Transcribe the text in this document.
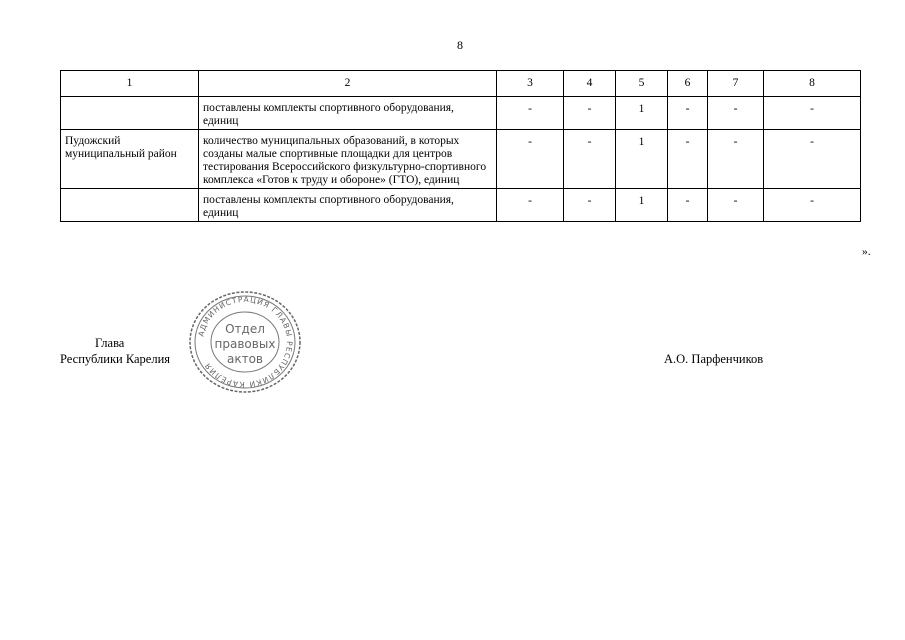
8
1	2	3	4	5	6	7	8
	поставлены комплекты спортивного оборудования, единиц	-	-	1	-	-	-
Пудожский муниципальный район	количество муниципальных образований, в которых созданы малые спортивные площадки для центров тестирования Всероссийского физкультурно-спортивного комплекса «Готов к труду и обороне» (ГТО), единиц	-	-	1	-	-	-
	поставлены комплекты спортивного оборудования, единиц	-	-	1	-	-	-
».
Глава
Республики Карелия	А.О. Парфенчиков
АДМИНИСТРАЦИЯ ГЛАВЫ РЕСПУБЛИКИ КАРЕЛИЯ
Отдел
правовых
актов
